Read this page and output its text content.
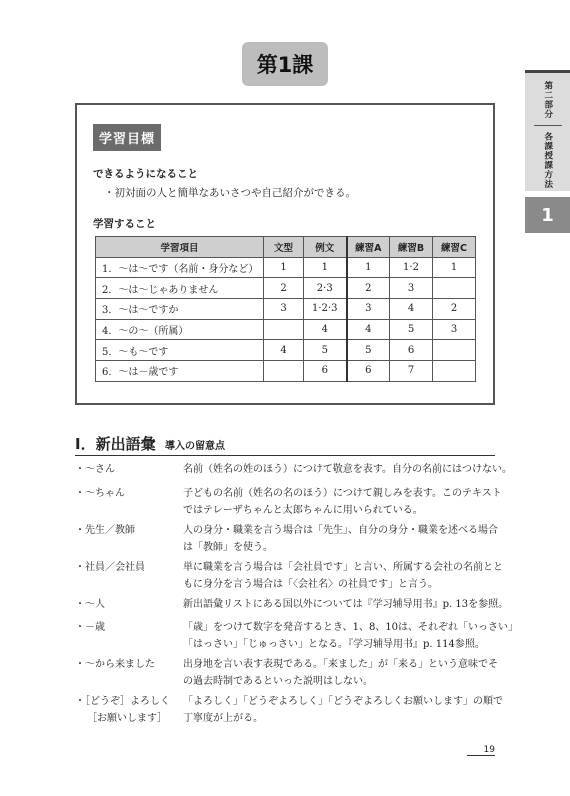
第1課
第二部分
各課授課方法
1
学習目標
できるようになること
・初対面の人と簡単なあいさつや自己紹介ができる。
学習すること
学習項目	文型	例文	練習A	練習B	練習C
1．～は～です（名前・身分など）	1	1	1	1·2	1
2．～は～じゃありません	2	2·3	2	3	
3．～は～ですか	3	1·2·3	3	4	2
4．～の～（所属）		4	4	5	3
5．～も～です	4	5	5	6	
6．～は－歳です		6	6	7	
Ⅰ．新出語彙 導入の留意点
・～さん	名前（姓名の姓のほう）につけて敬意を表す。自分の名前にはつけない。
・～ちゃん	子どもの名前（姓名の名のほう）につけて親しみを表す。このテキスト
ではテレーザちゃんと太郎ちゃんに用いられている。
・先生／教師	人の身分・職業を言う場合は「先生」、自分の身分・職業を述べる場合
は「教師」を使う。
・社員／会社員	単に職業を言う場合は「会社員です」と言い、所属する会社の名前とと
もに身分を言う場合は「〈会社名〉の社員です」と言う。
・～人	新出語彙リストにある国以外については『学习辅导用书』p. 13を参照。
・－歳	「歳」をつけて数字を発音するとき、1、8、10は、それぞれ「いっさい」
「はっさい」「じゅっさい」となる。『学习辅导用书』p. 114参照。
・～から来ました	出身地を言い表す表現である。「来ました」が「来る」という意味でそ
の過去時制であるといった説明はしない。
・［どうぞ］よろしく
［お願いします］
「よろしく」「どうぞよろしく」「どうぞよろしくお願いします」の順で
丁寧度が上がる。
19
